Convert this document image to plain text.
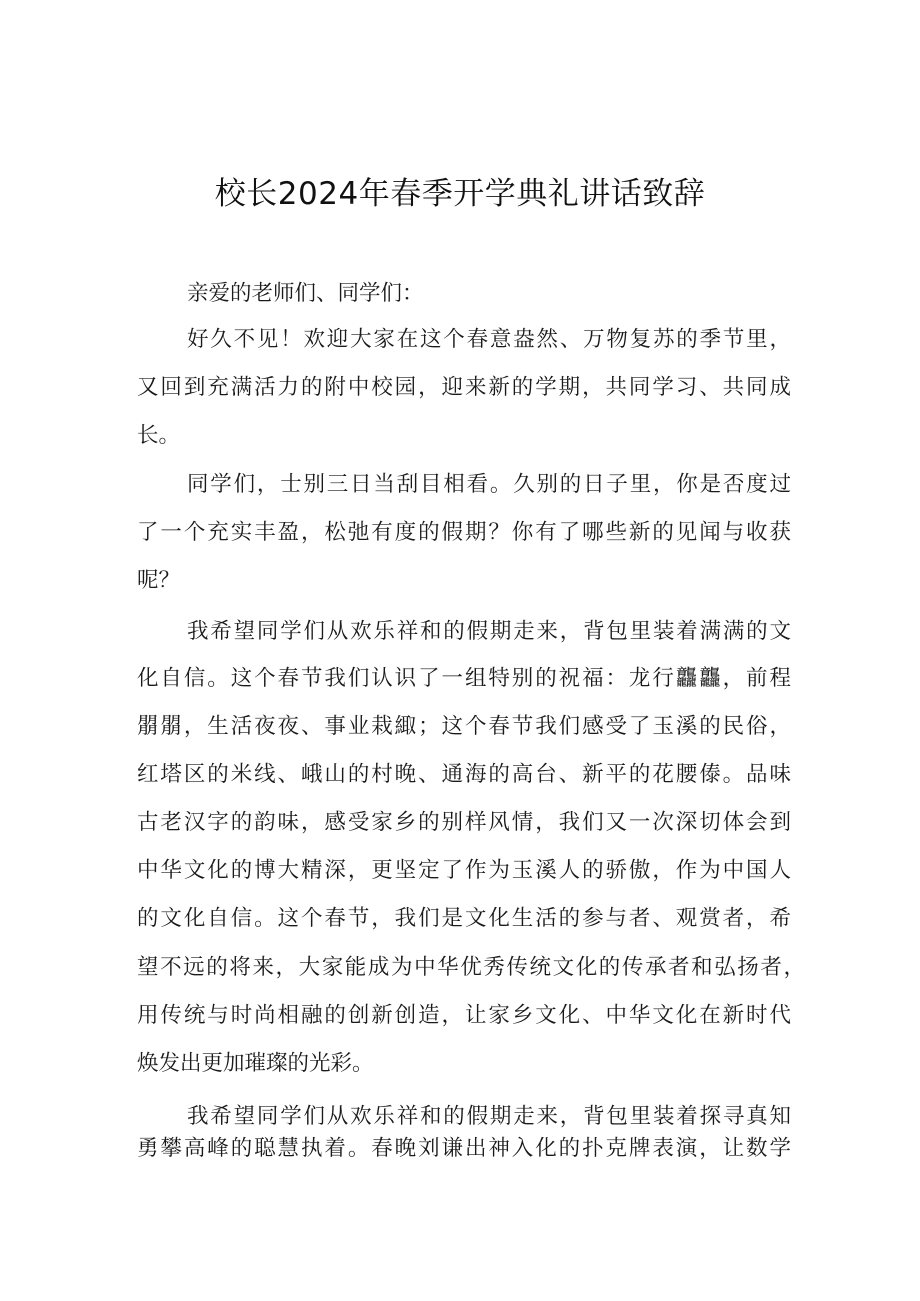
校长2024年春季开学典礼讲话致辞
亲爱的老师们、同学们：
好久不见！欢迎大家在这个春意盎然、万物复苏的季节里，
又回到充满活力的附中校园，迎来新的学期，共同学习、共同成
长。
同学们，士别三日当刮目相看。久别的日子里，你是否度过
了一个充实丰盈，松弛有度的假期？你有了哪些新的见闻与收获
呢？
我希望同学们从欢乐祥和的假期走来，背包里装着满满的文
化自信。这个春节我们认识了一组特别的祝福：龙行龘龘，前程
朤朤，生活夜夜、事业栽緅；这个春节我们感受了玉溪的民俗，
红塔区的米线、峨山的村晚、通海的高台、新平的花腰傣。品味
古老汉字的韵味，感受家乡的别样风情，我们又一次深切体会到
中华文化的博大精深，更坚定了作为玉溪人的骄傲，作为中国人
的文化自信。这个春节，我们是文化生活的参与者、观赏者，希
望不远的将来，大家能成为中华优秀传统文化的传承者和弘扬者，
用传统与时尚相融的创新创造，让家乡文化、中华文化在新时代
焕发出更加璀璨的光彩。
我希望同学们从欢乐祥和的假期走来，背包里装着探寻真知
勇攀高峰的聪慧执着。春晚刘谦出神入化的扑克牌表演，让数学
